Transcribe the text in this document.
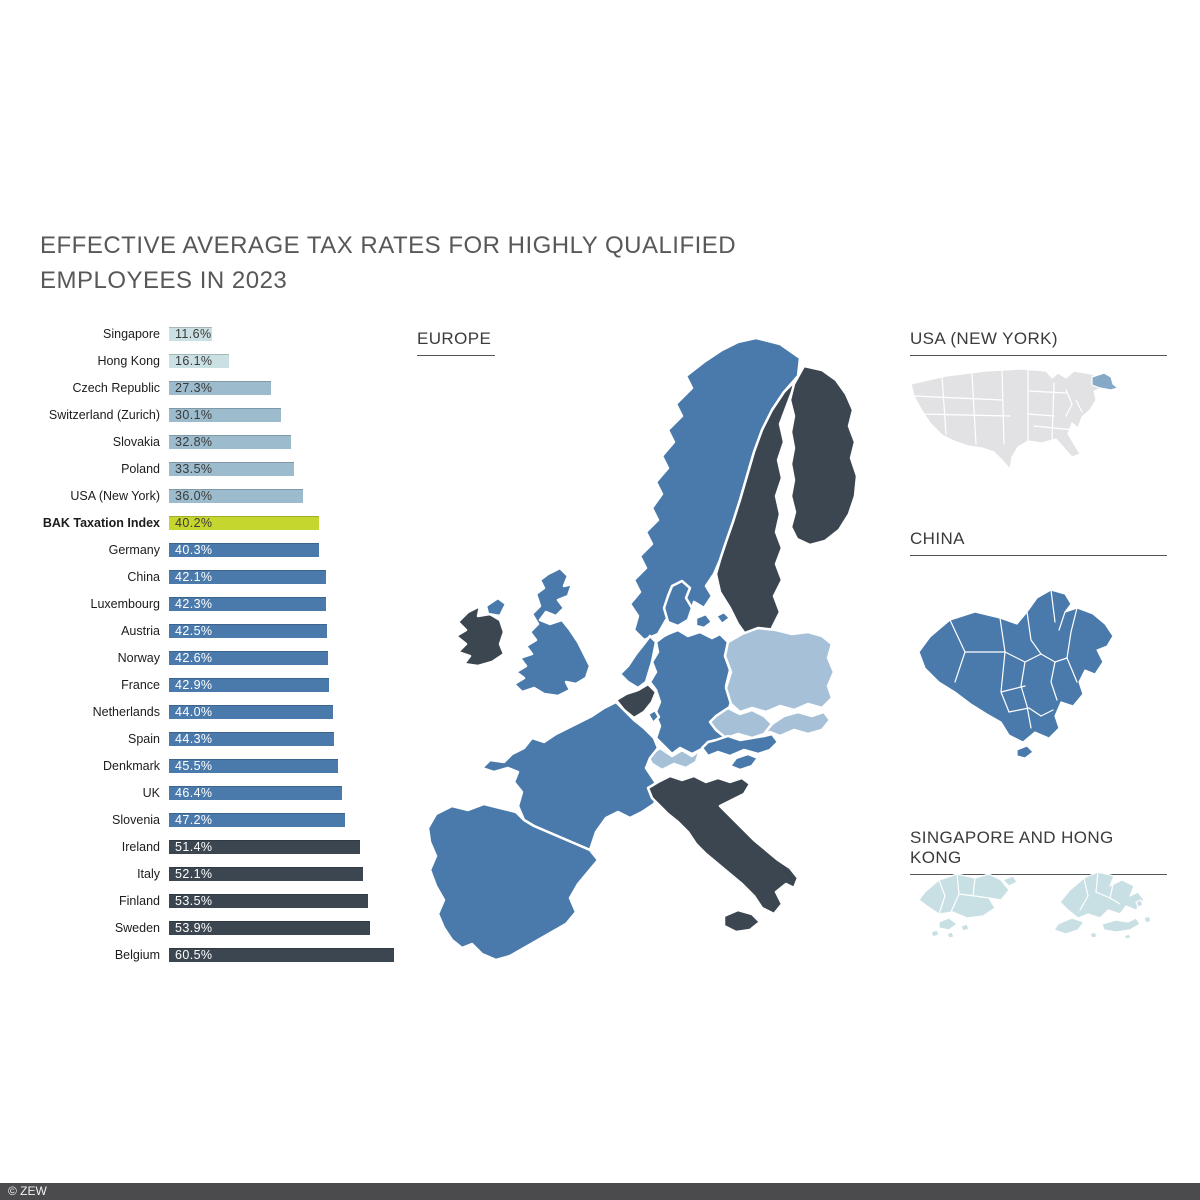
EFFECTIVE AVERAGE TAX RATES FOR HIGHLY QUALIFIED
EMPLOYEES IN 2023
Singapore	11.6%
Hong Kong	16.1%
Czech Republic	27.3%
Switzerland (Zurich)	30.1%
Slovakia	32.8%
Poland	33.5%
USA (New York)	36.0%
BAK Taxation Index	40.2%
Germany	40.3%
China	42.1%
Luxembourg	42.3%
Austria	42.5%
Norway	42.6%
France	42.9%
Netherlands	44.0%
Spain	44.3%
Denkmark	45.5%
UK	46.4%
Slovenia	47.2%
Ireland	51.4%
Italy	52.1%
Finland	53.5%
Sweden	53.9%
Belgium	60.5%
EUROPE	USA (NEW YORK)
CHINA
SINGAPORE AND HONG KONG
© ZEW
